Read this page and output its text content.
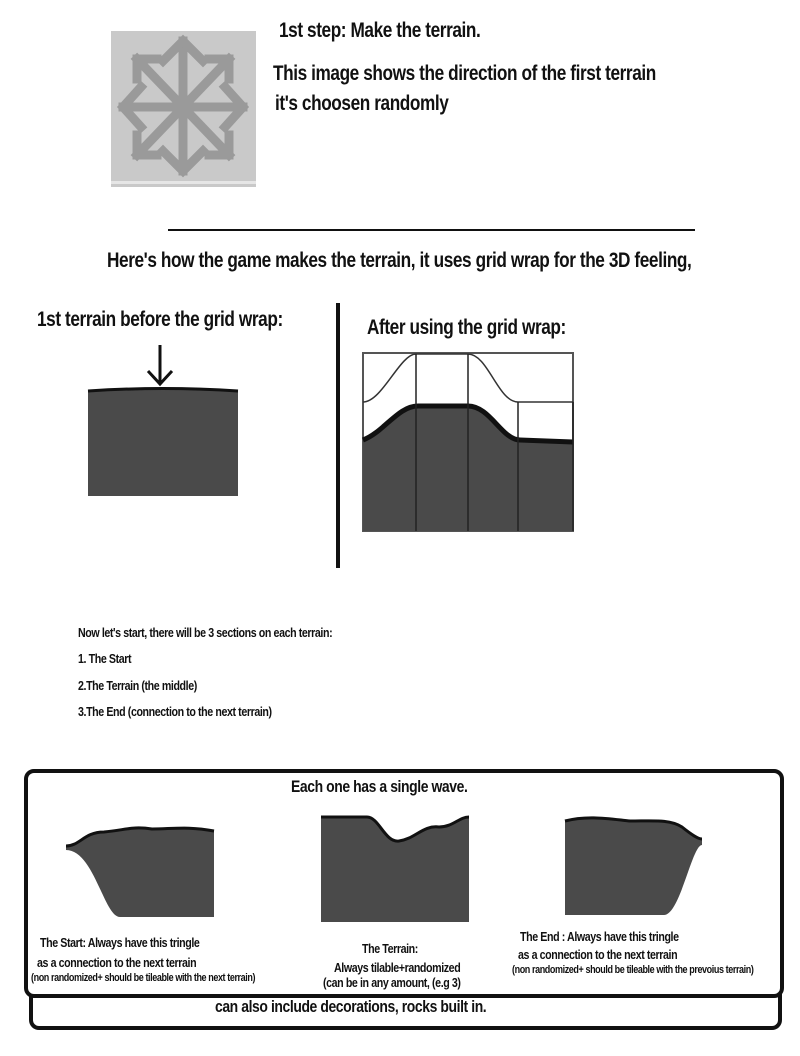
1st step: Make the terrain.
This image shows the direction of the first terrain
it's choosen randomly
Here's how the game makes the terrain, it uses grid wrap for the 3D feeling,
1st terrain before the grid wrap:	After using the grid wrap:
Now let's start, there will be 3 sections on each terrain:
1. The Start
2.The Terrain (the middle)
3.The End (connection to the next terrain)
Each one has a single wave.
The Start: Always have this tringle
as a connection to the next terrain
(non randomized+ should be tileable with the next terrain)
The Terrain:
Always tilable+randomized
(can be in any amount, (e.g 3)
The End : Always have this tringle
as a connection to the next terrain
(non randomized+ should be tileable with the prevoius terrain)
can also include decorations, rocks built in.
